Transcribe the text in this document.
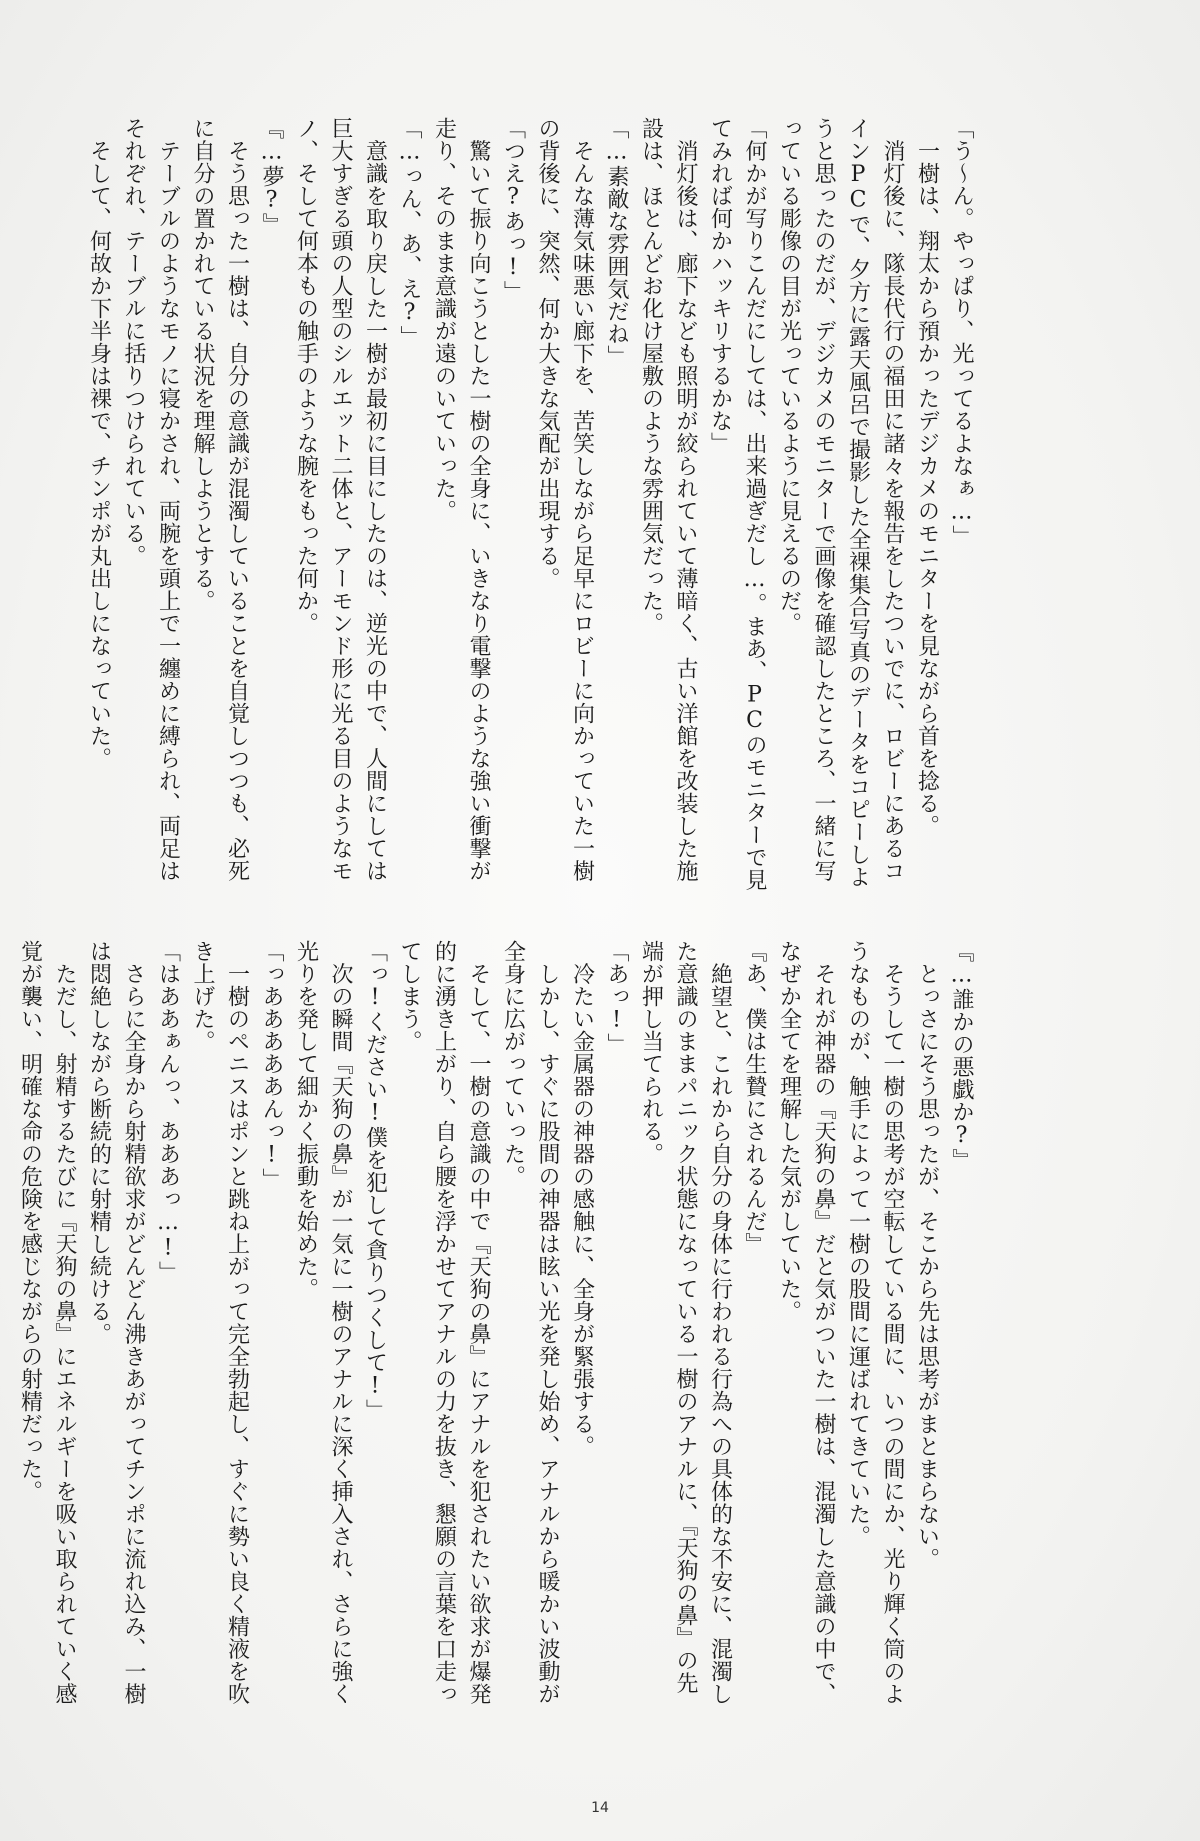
「う〜ん。やっぱり、光ってるよなぁ…」
　一樹は、翔太から預かったデジカメのモニターを見ながら首を捻る。
　消灯後に、隊長代行の福田に諸々を報告をしたついでに、ロビーにあるコ
インPCで、夕方に露天風呂で撮影した全裸集合写真のデータをコピーしよ
うと思ったのだが、デジカメのモニターで画像を確認したところ、一緒に写
っている彫像の目が光っているように見えるのだ。
「何かが写りこんだにしては、出来過ぎだし…。まあ、PCのモニターで見
てみれば何かハッキリするかな」
　消灯後は、廊下なども照明が絞られていて薄暗く、古い洋館を改装した施
設は、ほとんどお化け屋敷のような雰囲気だった。
「…素敵な雰囲気だね」
　そんな薄気味悪い廊下を、苦笑しながら足早にロビーに向かっていた一樹
の背後に、突然、何か大きな気配が出現する。
「つえ?あっ!」
　驚いて振り向こうとした一樹の全身に、いきなり電撃のような強い衝撃が
走り、そのまま意識が遠のいていった。
「…っん、あ、え?」
　意識を取り戻した一樹が最初に目にしたのは、逆光の中で、人間にしては
巨大すぎる頭の人型のシルエット二体と、アーモンド形に光る目のようなモ
ノ、そして何本もの触手のような腕をもった何か。
『…夢?』
　そう思った一樹は、自分の意識が混濁していることを自覚しつつも、必死
に自分の置かれている状況を理解しようとする。
　テーブルのようなモノに寝かされ、両腕を頭上で一纏めに縛られ、両足は
それぞれ、テーブルに括りつけられている。
　そして、何故か下半身は裸で、チンポが丸出しになっていた。
『…誰かの悪戯か?』
　とっさにそう思ったが、そこから先は思考がまとまらない。
　そうして一樹の思考が空転している間に、いつの間にか、光り輝く筒のよ
うなものが、触手によって一樹の股間に運ばれてきていた。
　それが神器の『天狗の鼻』だと気がついた一樹は、混濁した意識の中で、
なぜか全てを理解した気がしていた。
『あ、僕は生贄にされるんだ』
　絶望と、これから自分の身体に行われる行為への具体的な不安に、混濁し
た意識のままパニック状態になっている一樹のアナルに、『天狗の鼻』の先
端が押し当てられる。
「あっ!」
　冷たい金属器の神器の感触に、全身が緊張する。
　しかし、すぐに股間の神器は眩い光を発し始め、アナルから暖かい波動が
全身に広がっていった。
　そして、一樹の意識の中で『天狗の鼻』にアナルを犯されたい欲求が爆発
的に湧き上がり、自ら腰を浮かせてアナルの力を抜き、懇願の言葉を口走っ
てしまう。
「っ!ください!僕を犯して貪りつくして!」
　次の瞬間『天狗の鼻』が一気に一樹のアナルに深く挿入され、さらに強く
光りを発して細かく振動を始めた。
「っあああああんっ!」
　一樹のペニスはポンと跳ね上がって完全勃起し、すぐに勢い良く精液を吹
き上げた。
「はああぁんっ、あああっ…!」
　さらに全身から射精欲求がどんどん沸きあがってチンポに流れ込み、一樹
は悶絶しながら断続的に射精し続ける。
　ただし、射精するたびに『天狗の鼻』にエネルギーを吸い取られていく感
覚が襲い、明確な命の危険を感じながらの射精だった。
14
